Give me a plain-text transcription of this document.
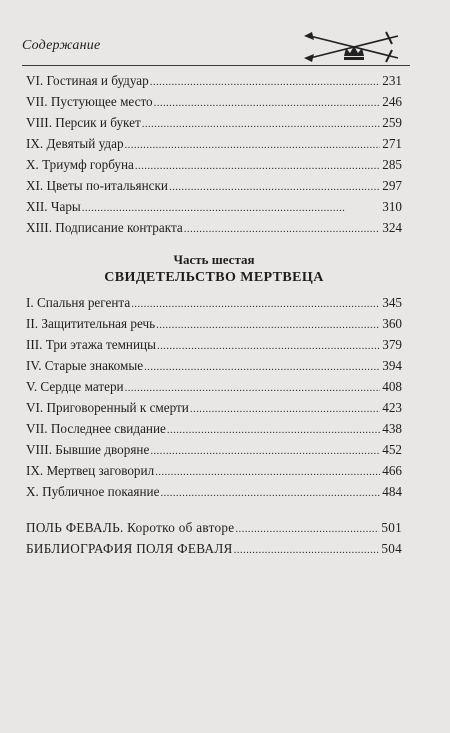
Содержание
VI. Гостиная и будуар . . .	231
VII. Пустующее место . . .	246
VIII. Персик и букет . . .	259
IX. Девятый удар . . .	271
X. Триумф горбуна . . .	285
XI. Цветы по-итальянски . . .	297
XII. Чары . . .	310
XIII. Подписание контракта . . .	324
Часть шестая
СВИДЕТЕЛЬСТВО МЕРТВЕЦА
I. Спальня регента . . .	345
II. Защитительная речь . . .	360
III. Три этажа темницы . . .	379
IV. Старые знакомые . . .	394
V. Сердце матери . . .	408
VI. Приговоренный к смерти . . .	423
VII. Последнее свидание . . .	438
VIII. Бывшие дворяне . . .	452
IX. Мертвец заговорил . . .	466
X. Публичное покаяние . . .	484
ПОЛЬ ФЕВАЛЬ. Коротко об авторе . . .	501
БИБЛИОГРАФИЯ ПОЛЯ ФЕВАЛЯ . . .	504
